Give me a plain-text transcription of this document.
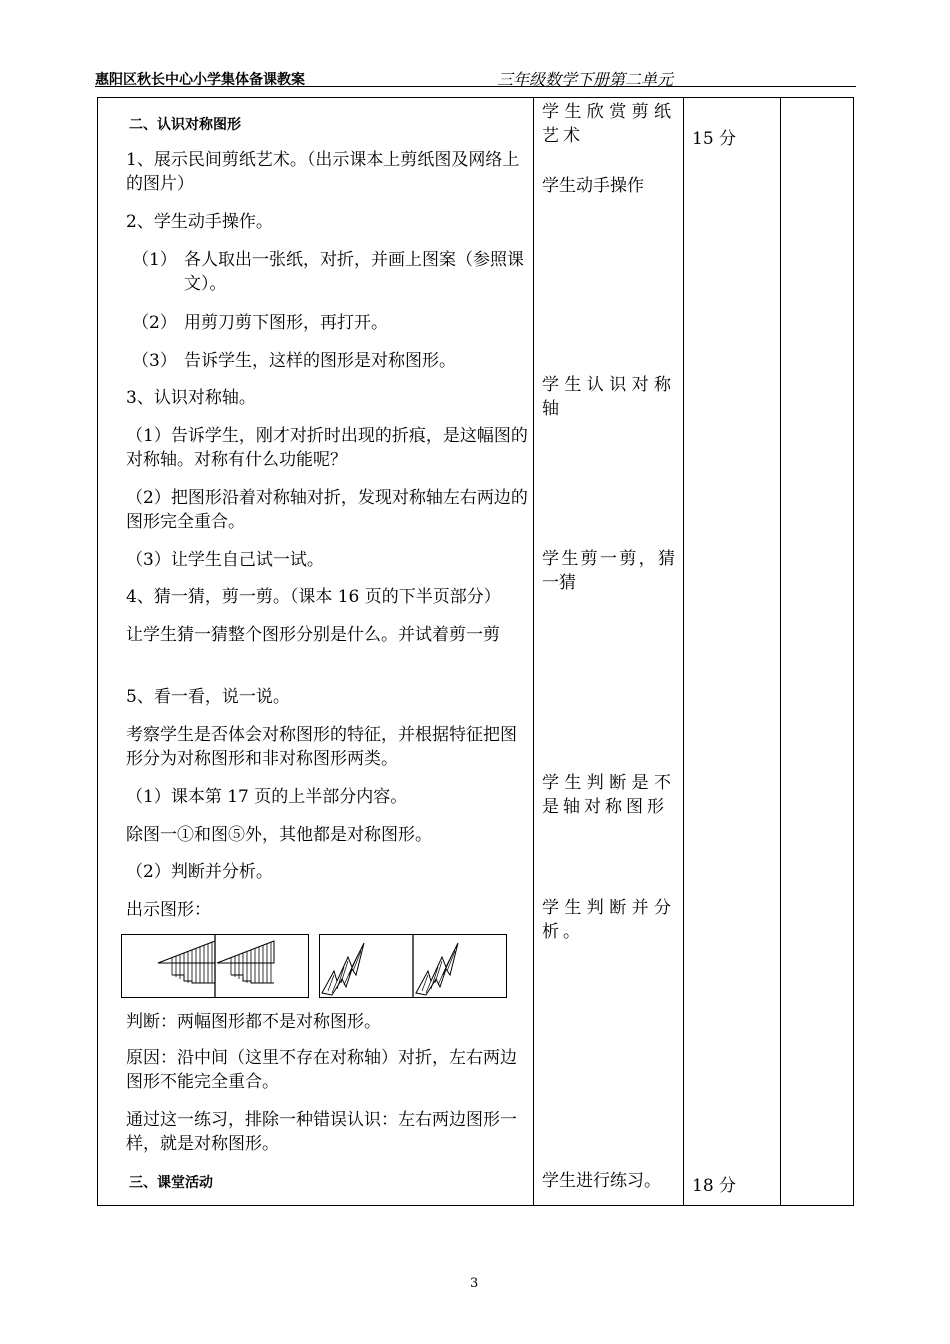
惠阳区秋长中心小学集体备课教案	三年级数学下册第二单元
二、认识对称图形
1、展示民间剪纸艺术。（出示课本上剪纸图及网络上的图片）
2、学生动手操作。
（1） 各人取出一张纸，对折，并画上图案（参照课文）。
（2） 用剪刀剪下图形，再打开。
（3） 告诉学生，这样的图形是对称图形。
3、认识对称轴。
（1）告诉学生，刚才对折时出现的折痕，是这幅图的对称轴。对称有什么功能呢？
（2）把图形沿着对称轴对折，发现对称轴左右两边的图形完全重合。
（3）让学生自己试一试。
4、猜一猜，剪一剪。（课本 16 页的下半页部分）
让学生猜一猜整个图形分别是什么。并试着剪一剪
5、看一看，说一说。
考察学生是否体会对称图形的特征，并根据特征把图形分为对称图形和非对称图形两类。
（1）课本第 17 页的上半部分内容。
除图一①和图⑤外，其他都是对称图形。
（2）判断并分析。
出示图形：
判断：两幅图形都不是对称图形。
原因：沿中间（这里不存在对称轴）对折，左右两边图形不能完全重合。
通过这一练习，排除一种错误认识：左右两边图形一样，就是对称图形。
三、课堂活动
学生欣赏剪纸艺术
学生动手操作
学生认识对称轴
学生剪一剪，猜一猜
学生判断是不是轴对称图形
学生判断并分析。
学生进行练习。
15 分
18 分
3
